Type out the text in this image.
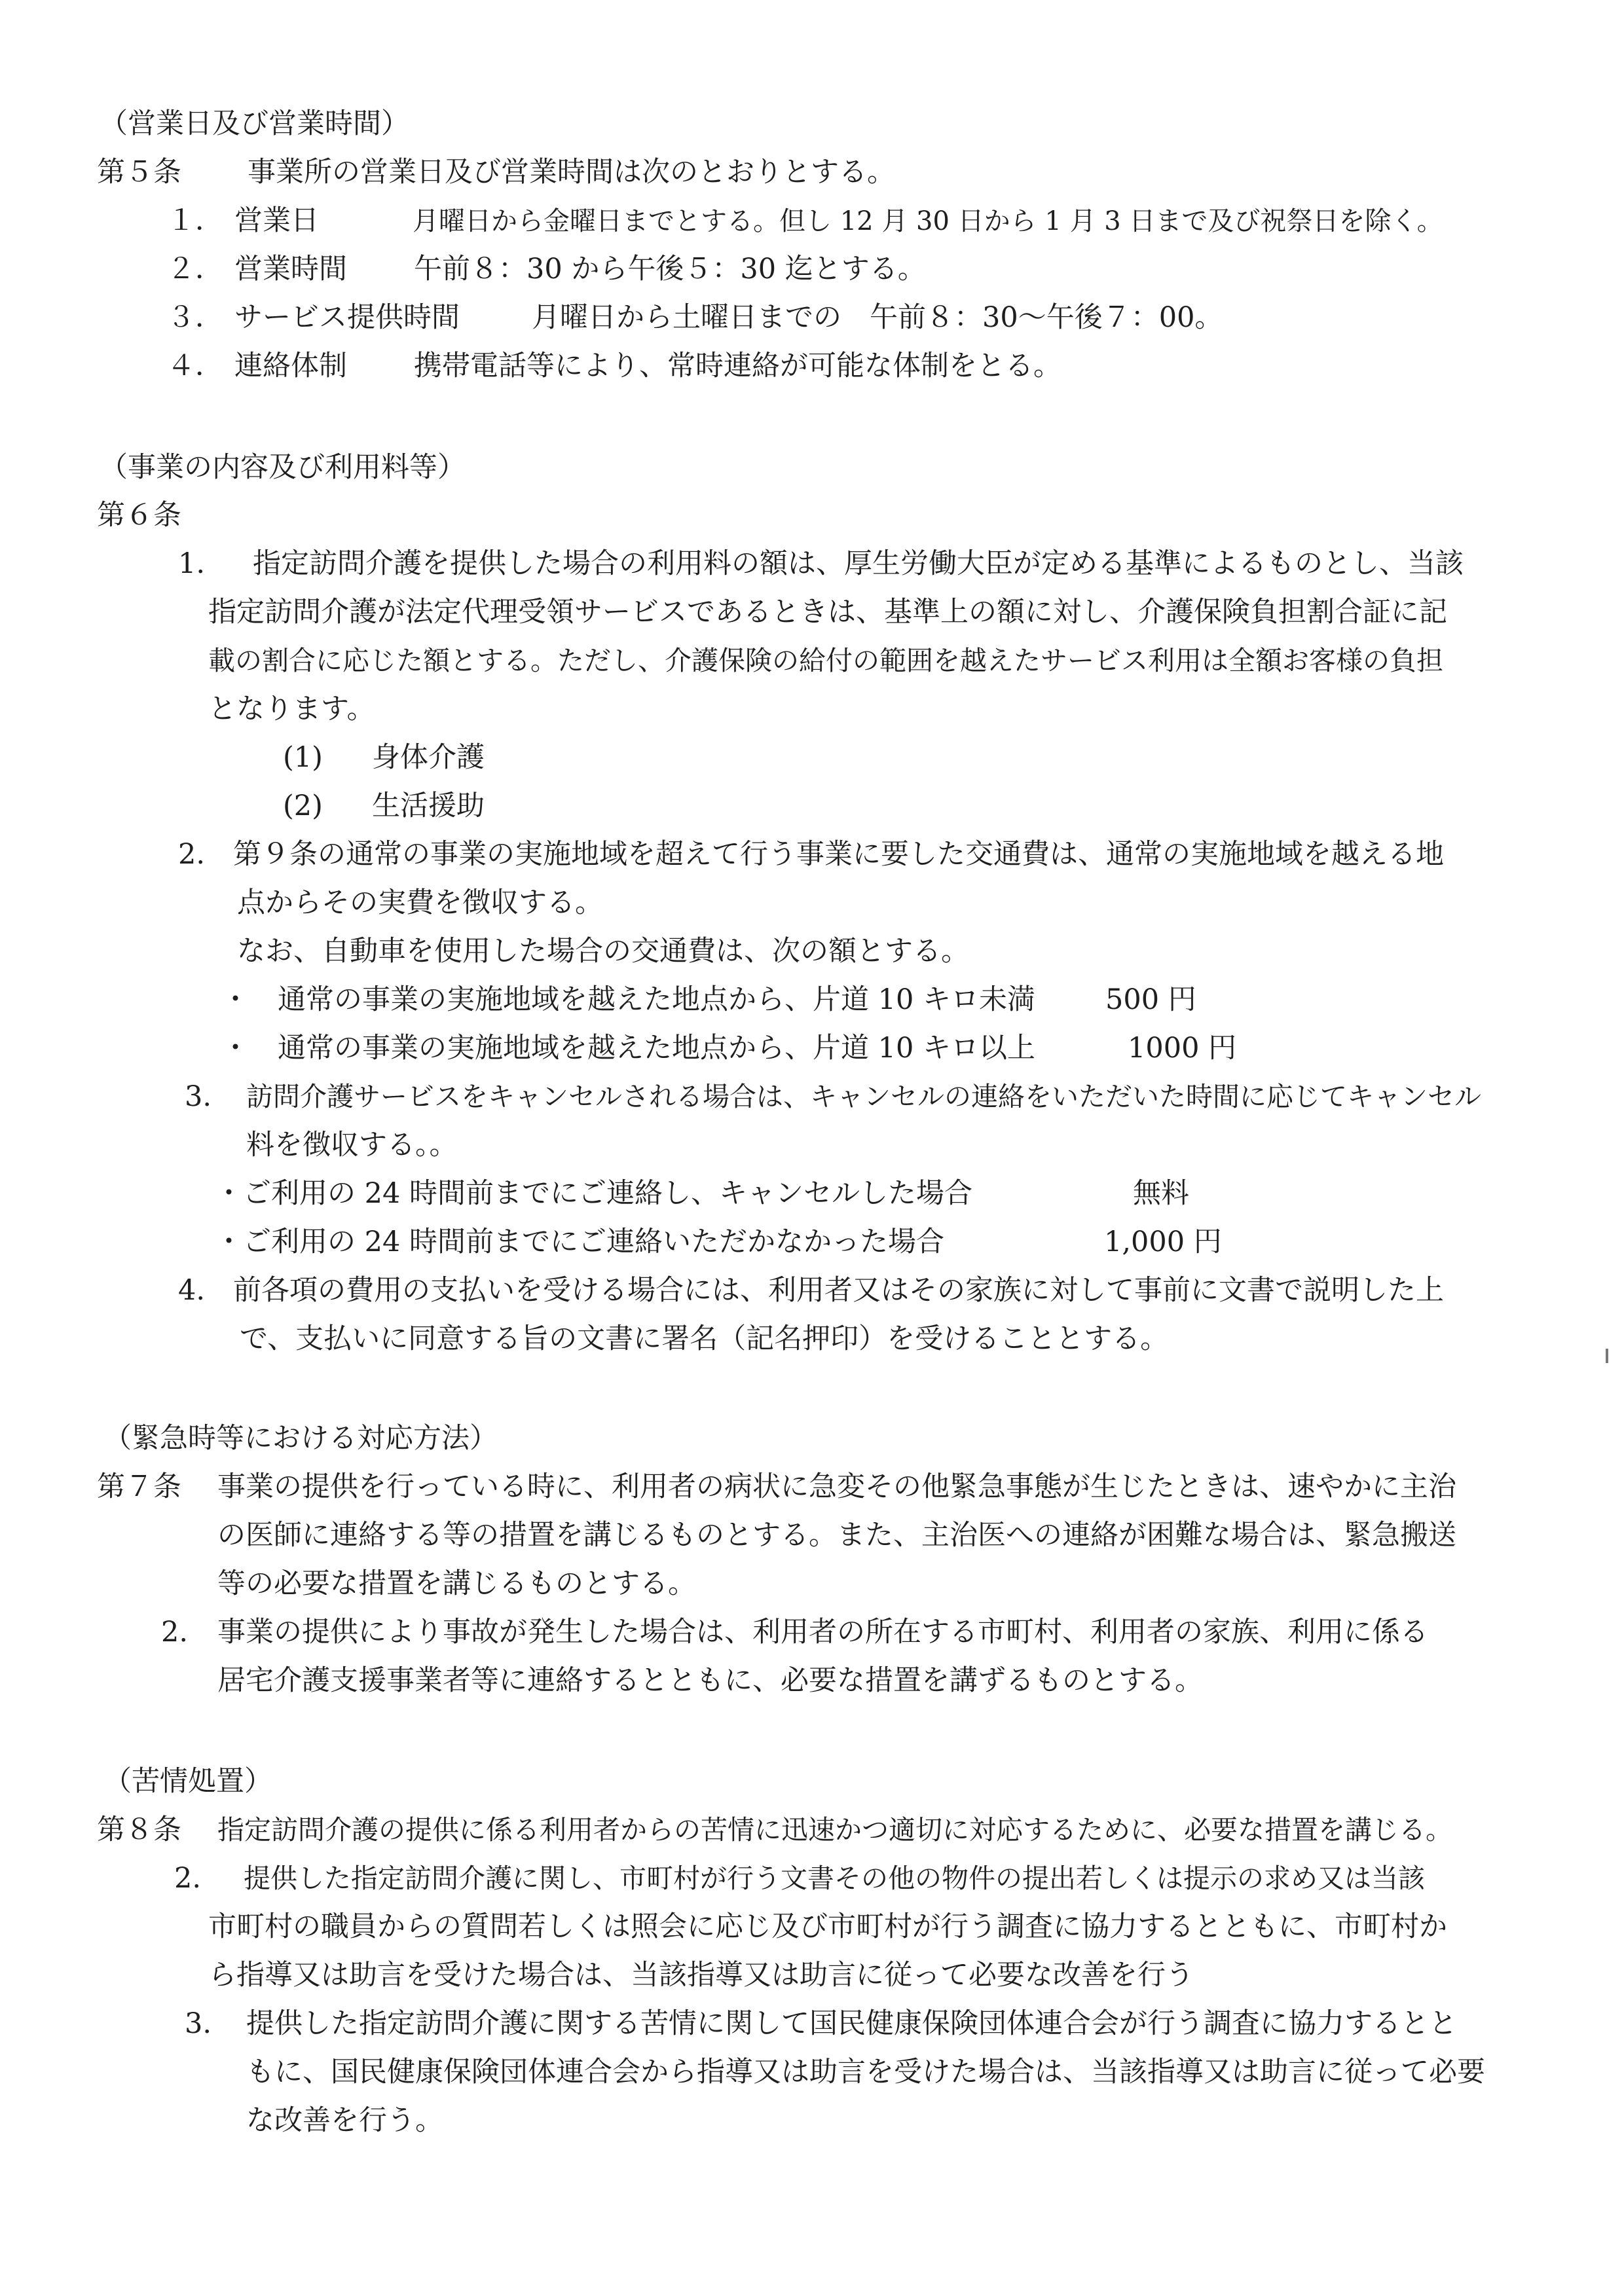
（営業日及び営業時間）
第５条 事業所の営業日及び営業時間は次のとおりとする。
１． 営業日	月曜日から金曜日までとする。但し 12 月 30 日から 1 月 3 日まで及び祝祭日を除く。
２． 営業時間 午前８：30 から午後５：30 迄とする。
３． サービス提供時間	月曜日から土曜日までの　午前８：30～午後７：00。
４． 連絡体制 携帯電話等により、常時連絡が可能な体制をとる。
（事業の内容及び利用料等）
第６条
1. 指定訪問介護を提供した場合の利用料の額は、厚生労働大臣が定める基準によるものとし、当該
指定訪問介護が法定代理受領サービスであるときは、基準上の額に対し、介護保険負担割合証に記
載の割合に応じた額とする。ただし、介護保険の給付の範囲を越えたサービス利用は全額お客様の負担
となります。
(1) 身体介護
(2) 生活援助
2. 第９条の通常の事業の実施地域を超えて行う事業に要した交通費は、通常の実施地域を越える地
点からその実費を徴収する。
なお、自動車を使用した場合の交通費は、次の額とする。
・　通常の事業の実施地域を越えた地点から、片道 10 キロ未満 500 円
・　通常の事業の実施地域を越えた地点から、片道 10 キロ以上	1000 円
3. 訪問介護サービスをキャンセルされる場合は、キャンセルの連絡をいただいた時間に応じてキャンセル
料を徴収する。。
・ご利用の 24 時間前までにご連絡し、キャンセルした場合	無料
・ご利用の 24 時間前までにご連絡いただかなかった場合	1,000 円
4. 前各項の費用の支払いを受ける場合には、利用者又はその家族に対して事前に文書で説明した上
で、支払いに同意する旨の文書に署名（記名押印）を受けることとする。
（緊急時等における対応方法）
第７条 事業の提供を行っている時に、利用者の病状に急変その他緊急事態が生じたときは、速やかに主治
の医師に連絡する等の措置を講じるものとする。また、主治医への連絡が困難な場合は、緊急搬送
等の必要な措置を講じるものとする。
2. 事業の提供により事故が発生した場合は、利用者の所在する市町村、利用者の家族、利用に係る
居宅介護支援事業者等に連絡するとともに、必要な措置を講ずるものとする。
（苦情処置）
第８条 指定訪問介護の提供に係る利用者からの苦情に迅速かつ適切に対応するために、必要な措置を講じる。
2. 提供した指定訪問介護に関し、市町村が行う文書その他の物件の提出若しくは提示の求め又は当該
市町村の職員からの質問若しくは照会に応じ及び市町村が行う調査に協力するとともに、市町村か
ら指導又は助言を受けた場合は、当該指導又は助言に従って必要な改善を行う
3. 提供した指定訪問介護に関する苦情に関して国民健康保険団体連合会が行う調査に協力するとと
もに、国民健康保険団体連合会から指導又は助言を受けた場合は、当該指導又は助言に従って必要
な改善を行う。
